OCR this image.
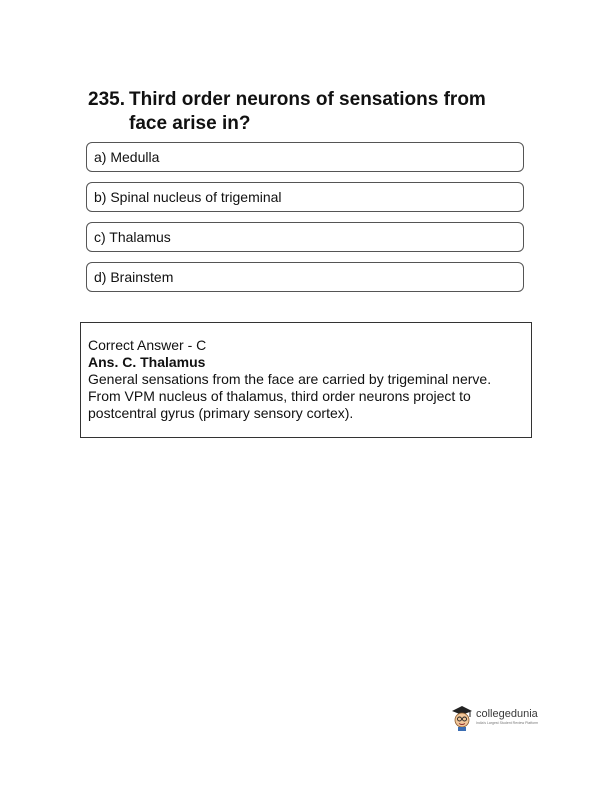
235. Third order neurons of sensations from face arise in?
a) Medulla
b) Spinal nucleus of trigeminal
c) Thalamus
d) Brainstem
Correct Answer - C
Ans. C. Thalamus
General sensations from the face are carried by trigeminal nerve.
From VPM nucleus of thalamus, third order neurons project to
postcentral gyrus (primary sensory cortex).
collegedunia
India's Largest Student Review Platform
